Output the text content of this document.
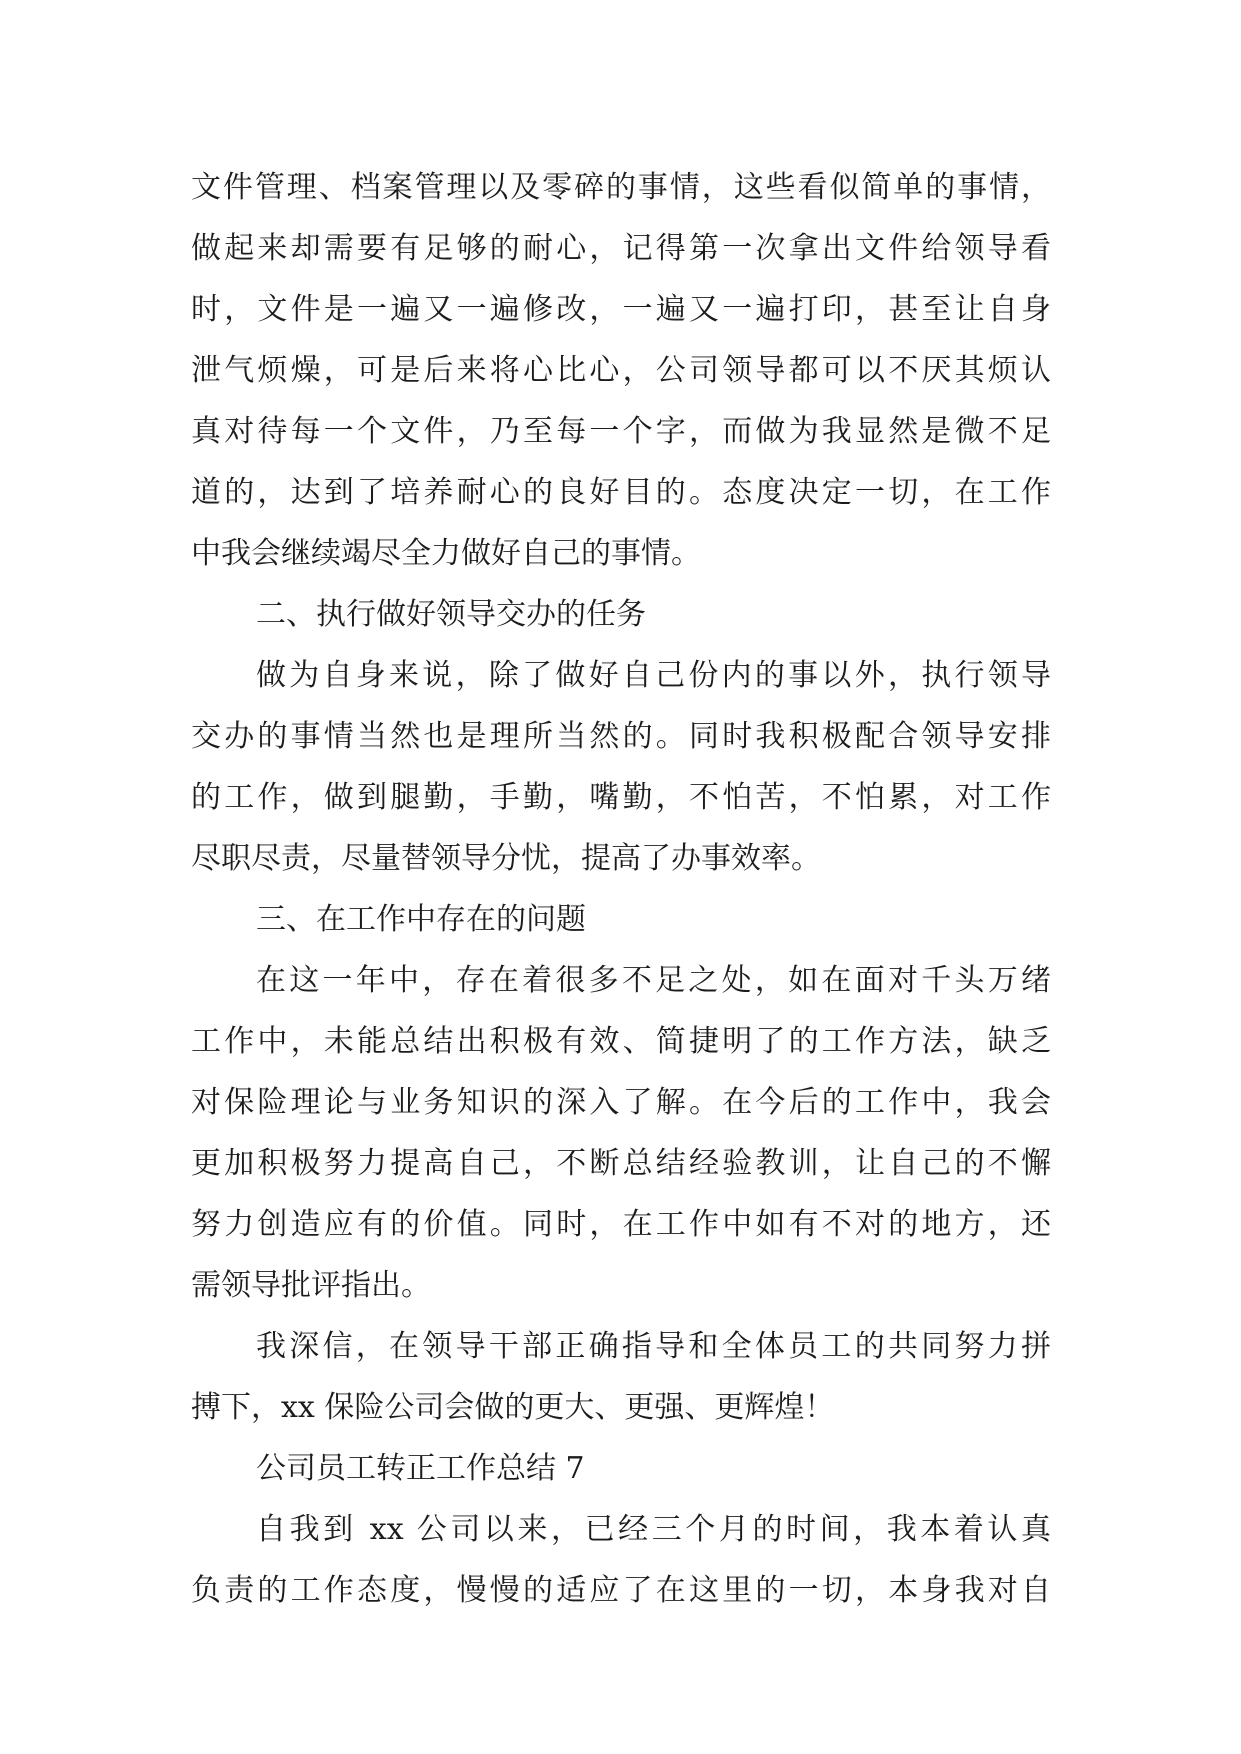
文件管理、档案管理以及零碎的事情，这些看似简单的事情，

做起来却需要有足够的耐心，记得第一次拿出文件给领导看

时，文件是一遍又一遍修改，一遍又一遍打印，甚至让自身

泄气烦燥，可是后来将心比心，公司领导都可以不厌其烦认

真对待每一个文件，乃至每一个字，而做为我显然是微不足

道的，达到了培养耐心的良好目的。态度决定一切，在工作

中我会继续竭尽全力做好自己的事情。

二、执行做好领导交办的任务

做为自身来说，除了做好自己份内的事以外，执行领导

交办的事情当然也是理所当然的。同时我积极配合领导安排

的工作，做到腿勤，手勤，嘴勤，不怕苦，不怕累，对工作

尽职尽责，尽量替领导分忧，提高了办事效率。

三、在工作中存在的问题

在这一年中，存在着很多不足之处，如在面对千头万绪

工作中，未能总结出积极有效、简捷明了的工作方法，缺乏

对保险理论与业务知识的深入了解。在今后的工作中，我会

更加积极努力提高自己，不断总结经验教训，让自己的不懈

努力创造应有的价值。同时，在工作中如有不对的地方，还

需领导批评指出。

我深信，在领导干部正确指导和全体员工的共同努力拼

搏下，xx 保险公司会做的更大、更强、更辉煌！

公司员工转正工作总结 7

自我到 xx 公司以来，已经三个月的时间，我本着认真

负责的工作态度，慢慢的适应了在这里的一切，本身我对自
